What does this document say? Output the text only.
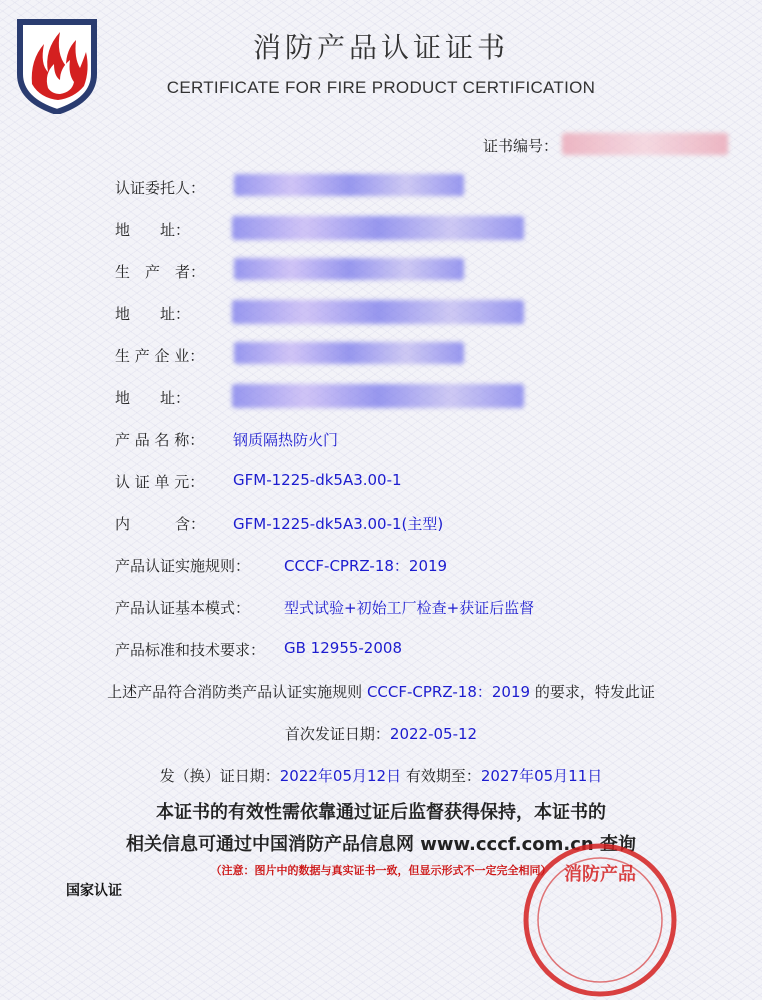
消防产品认证证书
CERTIFICATE FOR FIRE PRODUCT CERTIFICATION
证书编号：
认证委托人：
地　　址：
生　产　者：
地　　址：
生 产 企 业：
地　　址：
产 品 名 称： 钢质隔热防火门
认 证 单 元： GFM-1225-dk5A3.00-1
内　　　含： GFM-1225-dk5A3.00-1(主型)
产品认证实施规则： CCCF-CPRZ-18：2019
产品认证基本模式： 型式试验+初始工厂检查+获证后监督
产品标准和技术要求： GB 12955-2008
上述产品符合消防类产品认证实施规则 CCCF-CPRZ-18：2019 的要求，特发此证
首次发证日期：2022-05-12
发（换）证日期：2022年05月12日 有效期至：2027年05月11日
本证书的有效性需依靠通过证后监督获得保持，本证书的
相关信息可通过中国消防产品信息网 www.cccf.com.cn 查询
消防产品
（注意：图片中的数据与真实证书一致，但显示形式不一定完全相同）
国家认证
